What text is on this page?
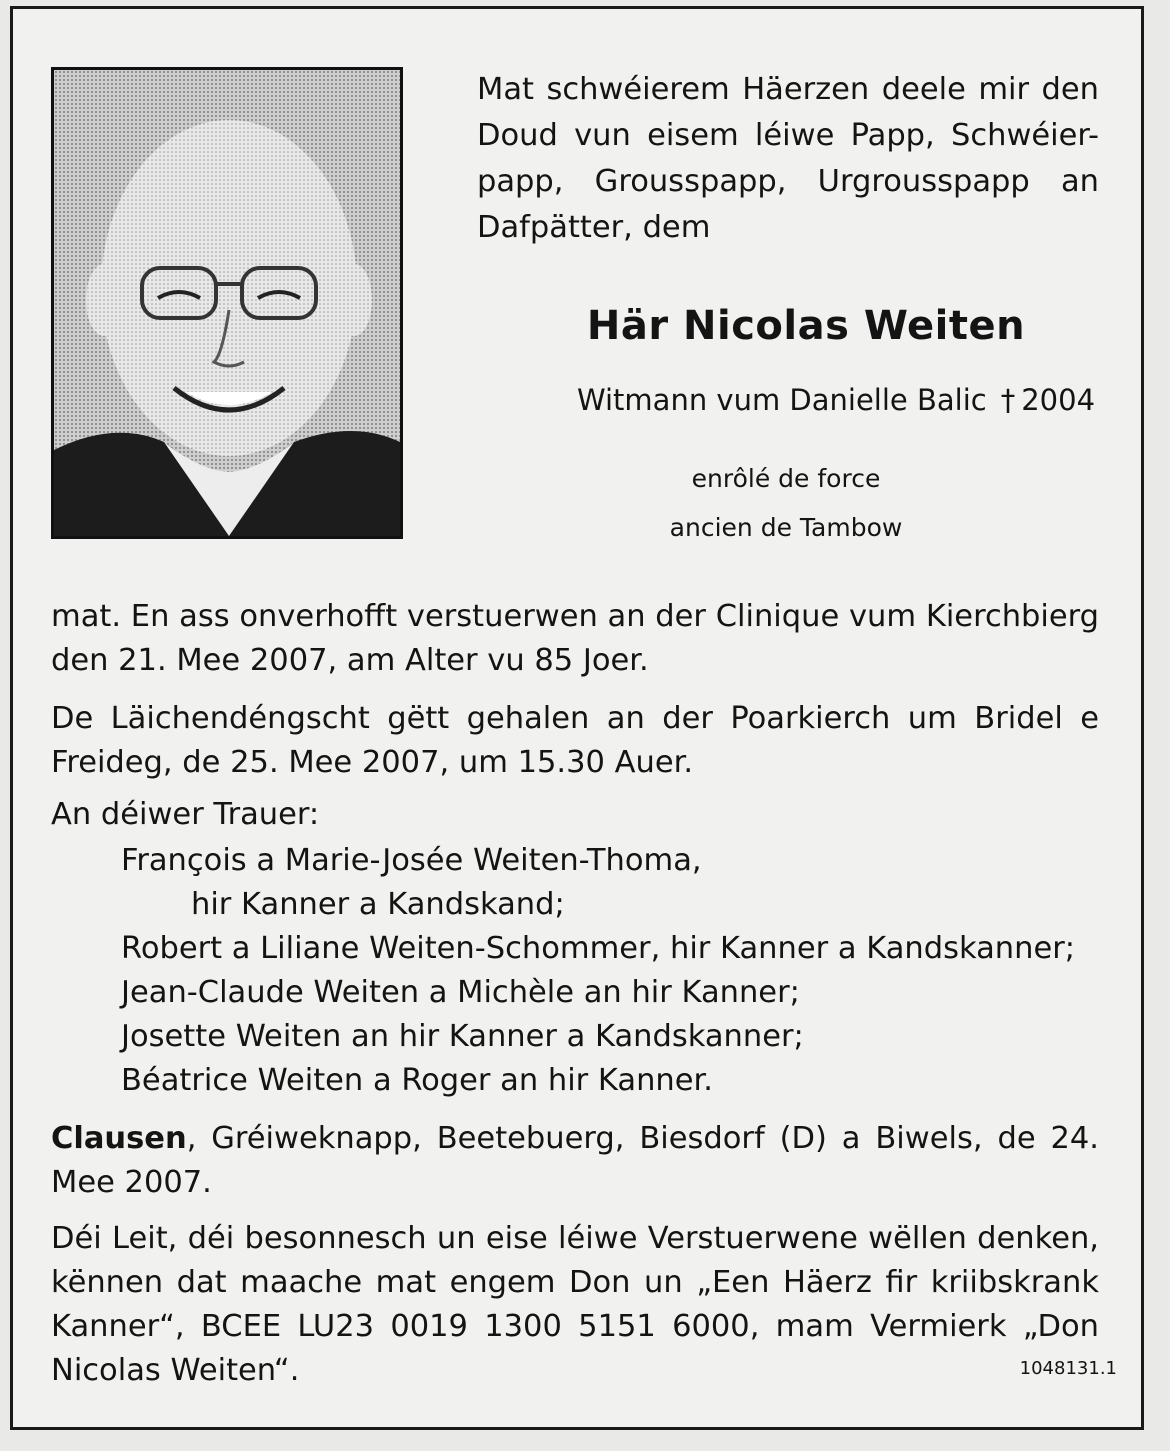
Mat schwéierem Häerzen deele mir den Doud vun eisem léiwe Papp, Schwéier-papp, Grousspapp, Urgrousspapp an Dafpätter, dem

Här Nicolas Weiten

Witmann vum Danielle Balic † 2004

enrôlé de force

ancien de Tambow

mat. En ass onverhofft verstuerwen an der Clinique vum Kierchbierg den 21. Mee 2007, am Alter vu 85 Joer.

De Läichendéngscht gëtt gehalen an der Poarkierch um Bridel e Freideg, de 25. Mee 2007, um 15.30 Auer.

An déiwer Trauer:

François a Marie-Josée Weiten-Thoma,
hir Kanner a Kandskand;
Robert a Liliane Weiten-Schommer, hir Kanner a Kandskanner;
Jean-Claude Weiten a Michèle an hir Kanner;
Josette Weiten an hir Kanner a Kandskanner;
Béatrice Weiten a Roger an hir Kanner.

Clausen, Gréiweknapp, Beetebuerg, Biesdorf (D) a Biwels, de 24. Mee 2007.

Déi Leit, déi besonnesch un eise léiwe Verstuerwene wëllen denken, kënnen dat maache mat engem Don un „Een Häerz fir kriibskrank Kanner“, BCEE LU23 0019 1300 5151 6000, mam Vermierk „Don Nicolas Weiten“.	1048131.1
